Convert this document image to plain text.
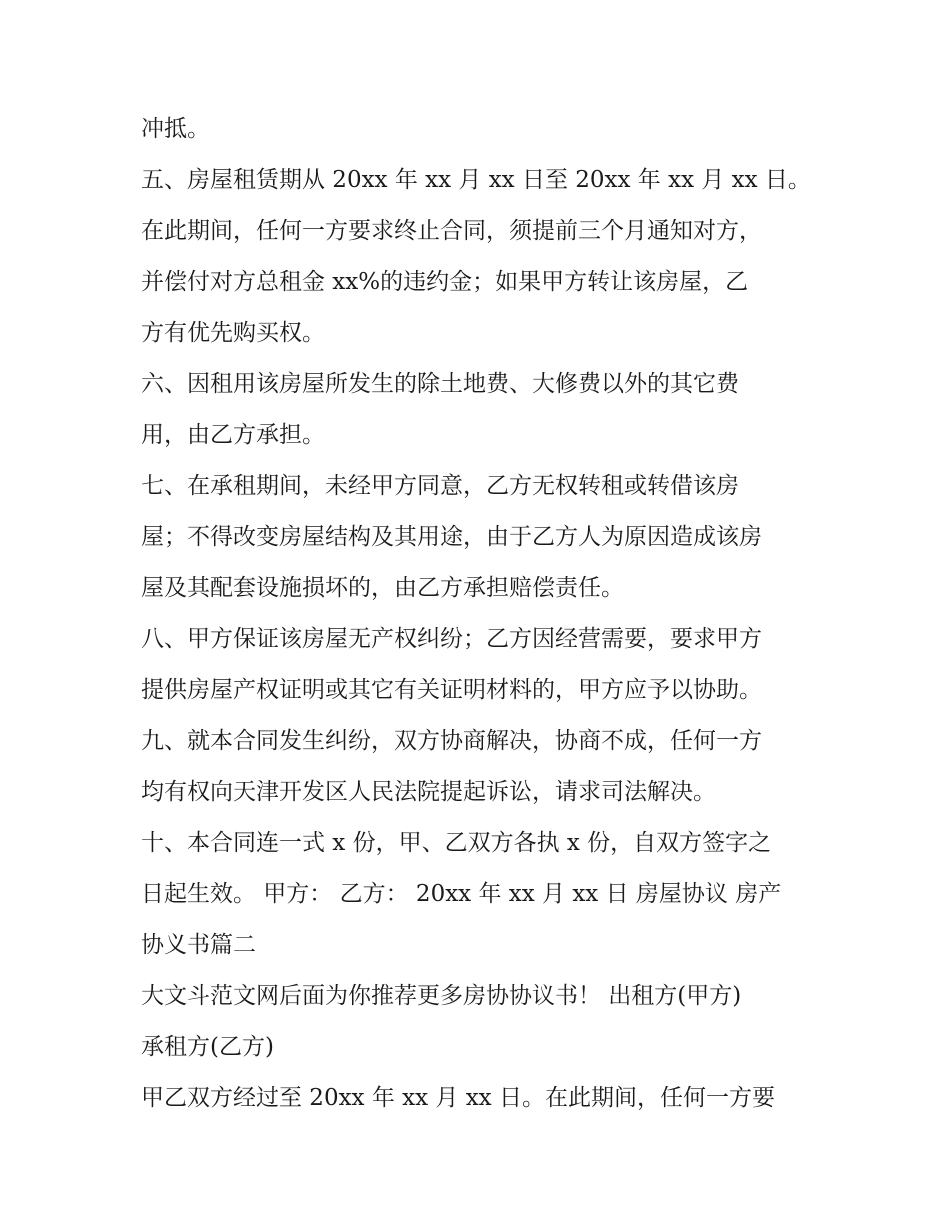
冲抵。
五、房屋租赁期从 20xx 年 xx 月 xx 日至 20xx 年 xx 月 xx 日。
在此期间，任何一方要求终止合同，须提前三个月通知对方，
并偿付对方总租金 xx%的违约金；如果甲方转让该房屋，乙
方有优先购买权。
六、因租用该房屋所发生的除土地费、大修费以外的其它费
用，由乙方承担。
七、在承租期间，未经甲方同意，乙方无权转租或转借该房
屋；不得改变房屋结构及其用途，由于乙方人为原因造成该房
屋及其配套设施损坏的，由乙方承担赔偿责任。
八、甲方保证该房屋无产权纠纷；乙方因经营需要，要求甲方
提供房屋产权证明或其它有关证明材料的，甲方应予以协助。
九、就本合同发生纠纷，双方协商解决，协商不成，任何一方
均有权向天津开发区人民法院提起诉讼，请求司法解决。
十、本合同连一式 x 份，甲、乙双方各执 x 份，自双方签字之
日起生效。 甲方： 乙方： 20xx 年 xx 月 xx 日 房屋协议 房产
协义书篇二
大文斗范文网后面为你推荐更多房协协议书！ 出租方(甲方)
承租方(乙方)
甲乙双方经过至 20xx 年 xx 月 xx 日。在此期间，任何一方要
